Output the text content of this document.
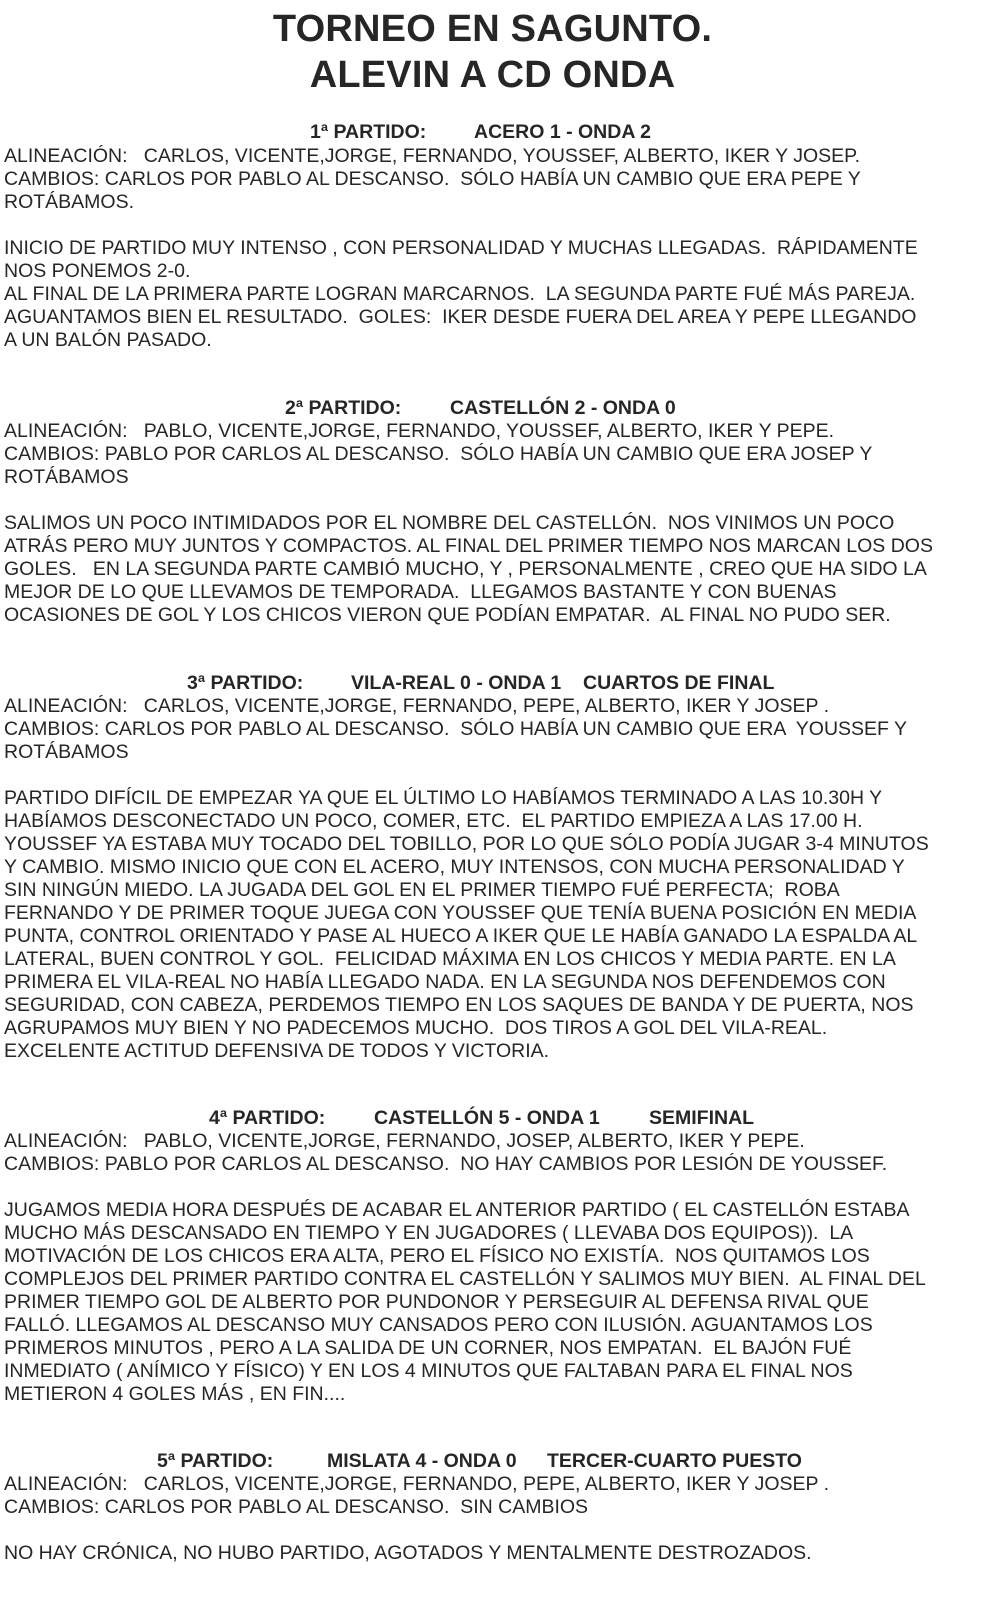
TORNEO EN SAGUNTO.
ALEVIN A CD ONDA

1ª PARTIDO:

ACERO 1 - ONDA 2

ALINEACIÓN:   CARLOS, VICENTE,JORGE, FERNANDO, YOUSSEF, ALBERTO, IKER Y JOSEP.
CAMBIOS: CARLOS POR PABLO AL DESCANSO.  SÓLO HABÍA UN CAMBIO QUE ERA PEPE Y
ROTÁBAMOS.
INICIO DE PARTIDO MUY INTENSO , CON PERSONALIDAD Y MUCHAS LLEGADAS.  RÁPIDAMENTE
NOS PONEMOS 2-0.
AL FINAL DE LA PRIMERA PARTE LOGRAN MARCARNOS.  LA SEGUNDA PARTE FUÉ MÁS PAREJA.
AGUANTAMOS BIEN EL RESULTADO.  GOLES:  IKER DESDE FUERA DEL AREA Y PEPE LLEGANDO
A UN BALÓN PASADO.

2ª PARTIDO:

CASTELLÓN 2 - ONDA 0

ALINEACIÓN:   PABLO, VICENTE,JORGE, FERNANDO, YOUSSEF, ALBERTO, IKER Y PEPE.
CAMBIOS: PABLO POR CARLOS AL DESCANSO.  SÓLO HABÍA UN CAMBIO QUE ERA JOSEP Y
ROTÁBAMOS
SALIMOS UN POCO INTIMIDADOS POR EL NOMBRE DEL CASTELLÓN.  NOS VINIMOS UN POCO
ATRÁS PERO MUY JUNTOS Y COMPACTOS. AL FINAL DEL PRIMER TIEMPO NOS MARCAN LOS DOS
GOLES.   EN LA SEGUNDA PARTE CAMBIÓ MUCHO, Y , PERSONALMENTE , CREO QUE HA SIDO LA
MEJOR DE LO QUE LLEVAMOS DE TEMPORADA.  LLEGAMOS BASTANTE Y CON BUENAS
OCASIONES DE GOL Y LOS CHICOS VIERON QUE PODÍAN EMPATAR.  AL FINAL NO PUDO SER.

3ª PARTIDO:

VILA-REAL 0 - ONDA 1

CUARTOS DE FINAL

ALINEACIÓN:   CARLOS, VICENTE,JORGE, FERNANDO, PEPE, ALBERTO, IKER Y JOSEP .
CAMBIOS: CARLOS POR PABLO AL DESCANSO.  SÓLO HABÍA UN CAMBIO QUE ERA  YOUSSEF Y
ROTÁBAMOS
PARTIDO DIFÍCIL DE EMPEZAR YA QUE EL ÚLTIMO LO HABÍAMOS TERMINADO A LAS 10.30H Y
HABÍAMOS DESCONECTADO UN POCO, COMER, ETC.  EL PARTIDO EMPIEZA A LAS 17.00 H.
YOUSSEF YA ESTABA MUY TOCADO DEL TOBILLO, POR LO QUE SÓLO PODÍA JUGAR 3-4 MINUTOS
Y CAMBIO. MISMO INICIO QUE CON EL ACERO, MUY INTENSOS, CON MUCHA PERSONALIDAD Y
SIN NINGÚN MIEDO. LA JUGADA DEL GOL EN EL PRIMER TIEMPO FUÉ PERFECTA;  ROBA
FERNANDO Y DE PRIMER TOQUE JUEGA CON YOUSSEF QUE TENÍA BUENA POSICIÓN EN MEDIA
PUNTA, CONTROL ORIENTADO Y PASE AL HUECO A IKER QUE LE HABÍA GANADO LA ESPALDA AL
LATERAL, BUEN CONTROL Y GOL.  FELICIDAD MÁXIMA EN LOS CHICOS Y MEDIA PARTE. EN LA
PRIMERA EL VILA-REAL NO HABÍA LLEGADO NADA. EN LA SEGUNDA NOS DEFENDEMOS CON
SEGURIDAD, CON CABEZA, PERDEMOS TIEMPO EN LOS SAQUES DE BANDA Y DE PUERTA, NOS
AGRUPAMOS MUY BIEN Y NO PADECEMOS MUCHO.  DOS TIROS A GOL DEL VILA-REAL.
EXCELENTE ACTITUD DEFENSIVA DE TODOS Y VICTORIA.

4ª PARTIDO:

CASTELLÓN 5 - ONDA 1

	SEMIFINAL

ALINEACIÓN:   PABLO, VICENTE,JORGE, FERNANDO, JOSEP, ALBERTO, IKER Y PEPE.
CAMBIOS: PABLO POR CARLOS AL DESCANSO.  NO HAY CAMBIOS POR LESIÓN DE YOUSSEF.
JUGAMOS MEDIA HORA DESPUÉS DE ACABAR EL ANTERIOR PARTIDO ( EL CASTELLÓN ESTABA
MUCHO MÁS DESCANSADO EN TIEMPO Y EN JUGADORES ( LLEVABA DOS EQUIPOS)).  LA
MOTIVACIÓN DE LOS CHICOS ERA ALTA, PERO EL FÍSICO NO EXISTÍA.  NOS QUITAMOS LOS
COMPLEJOS DEL PRIMER PARTIDO CONTRA EL CASTELLÓN Y SALIMOS MUY BIEN.  AL FINAL DEL
PRIMER TIEMPO GOL DE ALBERTO POR PUNDONOR Y PERSEGUIR AL DEFENSA RIVAL QUE
FALLÓ. LLEGAMOS AL DESCANSO MUY CANSADOS PERO CON ILUSIÓN. AGUANTAMOS LOS
PRIMEROS MINUTOS , PERO A LA SALIDA DE UN CORNER, NOS EMPATAN.  EL BAJÓN FUÉ
INMEDIATO ( ANÍMICO Y FÍSICO) Y EN LOS 4 MINUTOS QUE FALTABAN PARA EL FINAL NOS
METIERON 4 GOLES MÁS , EN FIN....

5ª PARTIDO:

	MISLATA 4 - ONDA 0

TERCER-CUARTO PUESTO

ALINEACIÓN:   CARLOS, VICENTE,JORGE, FERNANDO, PEPE, ALBERTO, IKER Y JOSEP .
CAMBIOS: CARLOS POR PABLO AL DESCANSO.  SIN CAMBIOS
NO HAY CRÓNICA, NO HUBO PARTIDO, AGOTADOS Y MENTALMENTE DESTROZADOS.
